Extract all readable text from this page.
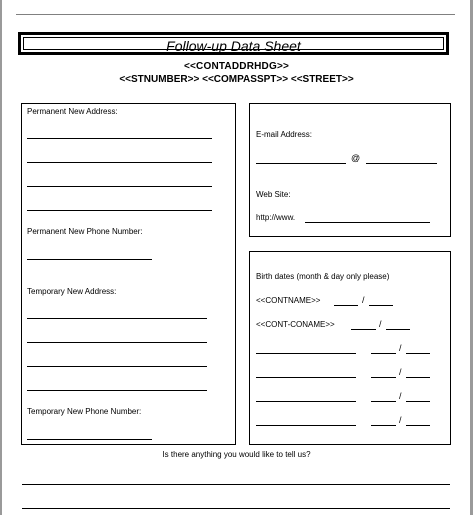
Follow-up Data Sheet
<<CONTADDRHDG>>
<<STNUMBER>> <<COMPASSPT>> <<STREET>>
Permanent New Address:
Permanent New Phone Number:
Temporary New Address:
Temporary New Phone Number:
E-mail Address:
@
Web Site:
http://www.
Birth dates (month & day only please)
<<CONTNAME>>	/
<<CONT-CONAME>>	/
/
/
/
/
Is there anything you would like to tell us?
